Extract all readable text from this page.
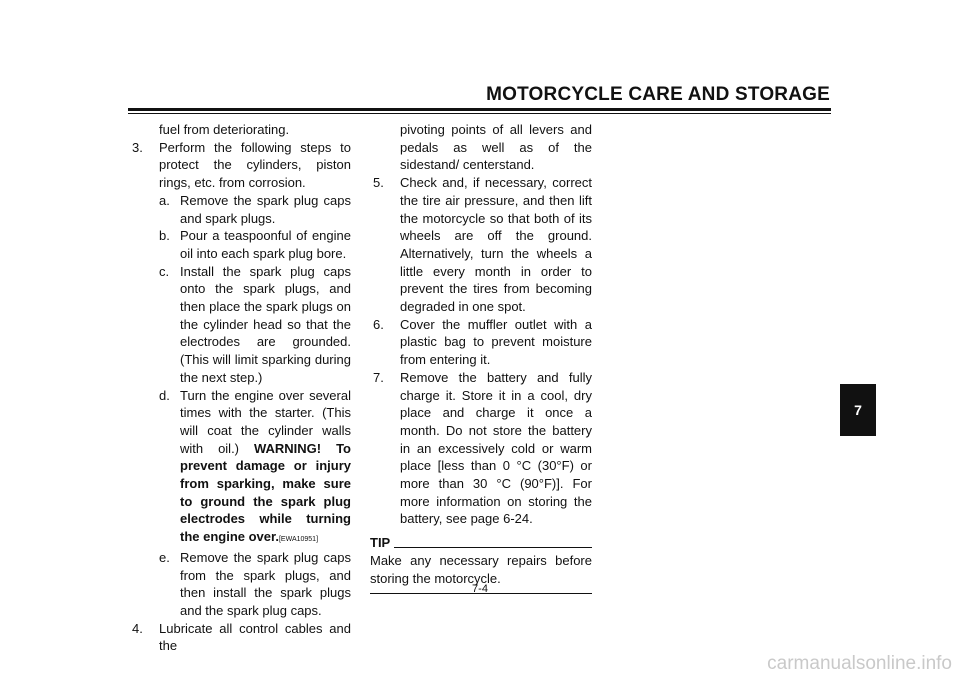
MOTORCYCLE CARE AND STORAGE
fuel from deteriorating.
3.	Perform the following steps to protect the cylinders, piston rings, etc. from corrosion.
a. Remove the spark plug caps and spark plugs.
b. Pour a teaspoonful of engine oil into each spark plug bore.
c. Install the spark plug caps onto the spark plugs, and then place the spark plugs on the cylinder head so that the electrodes are grounded. (This will limit sparking during the next step.)
d. Turn the engine over several times with the starter. (This will coat the cylinder walls with oil.) WARNING! To prevent damage or injury from sparking, make sure to ground the spark plug electrodes while turning the engine over.[EWA10951]
e. Remove the spark plug caps from the spark plugs, and then install the spark plugs and the spark plug caps.
4.	Lubricate all control cables and the
pivoting points of all levers and pedals as well as of the sidestand/ centerstand.
5.	Check and, if necessary, correct the tire air pressure, and then lift the motorcycle so that both of its wheels are off the ground. Alternatively, turn the wheels a little every month in order to prevent the tires from becoming degraded in one spot.
6.	Cover the muffler outlet with a plastic bag to prevent moisture from entering it.
7.	Remove the battery and fully charge it. Store it in a cool, dry place and charge it once a month. Do not store the battery in an excessively cold or warm place [less than 0 °C (30°F) or more than 30 °C (90°F)]. For more information on storing the battery, see page 6-24.
TIP
Make any necessary repairs before storing the motorcycle.
7-4
7
carmanualsonline.info
